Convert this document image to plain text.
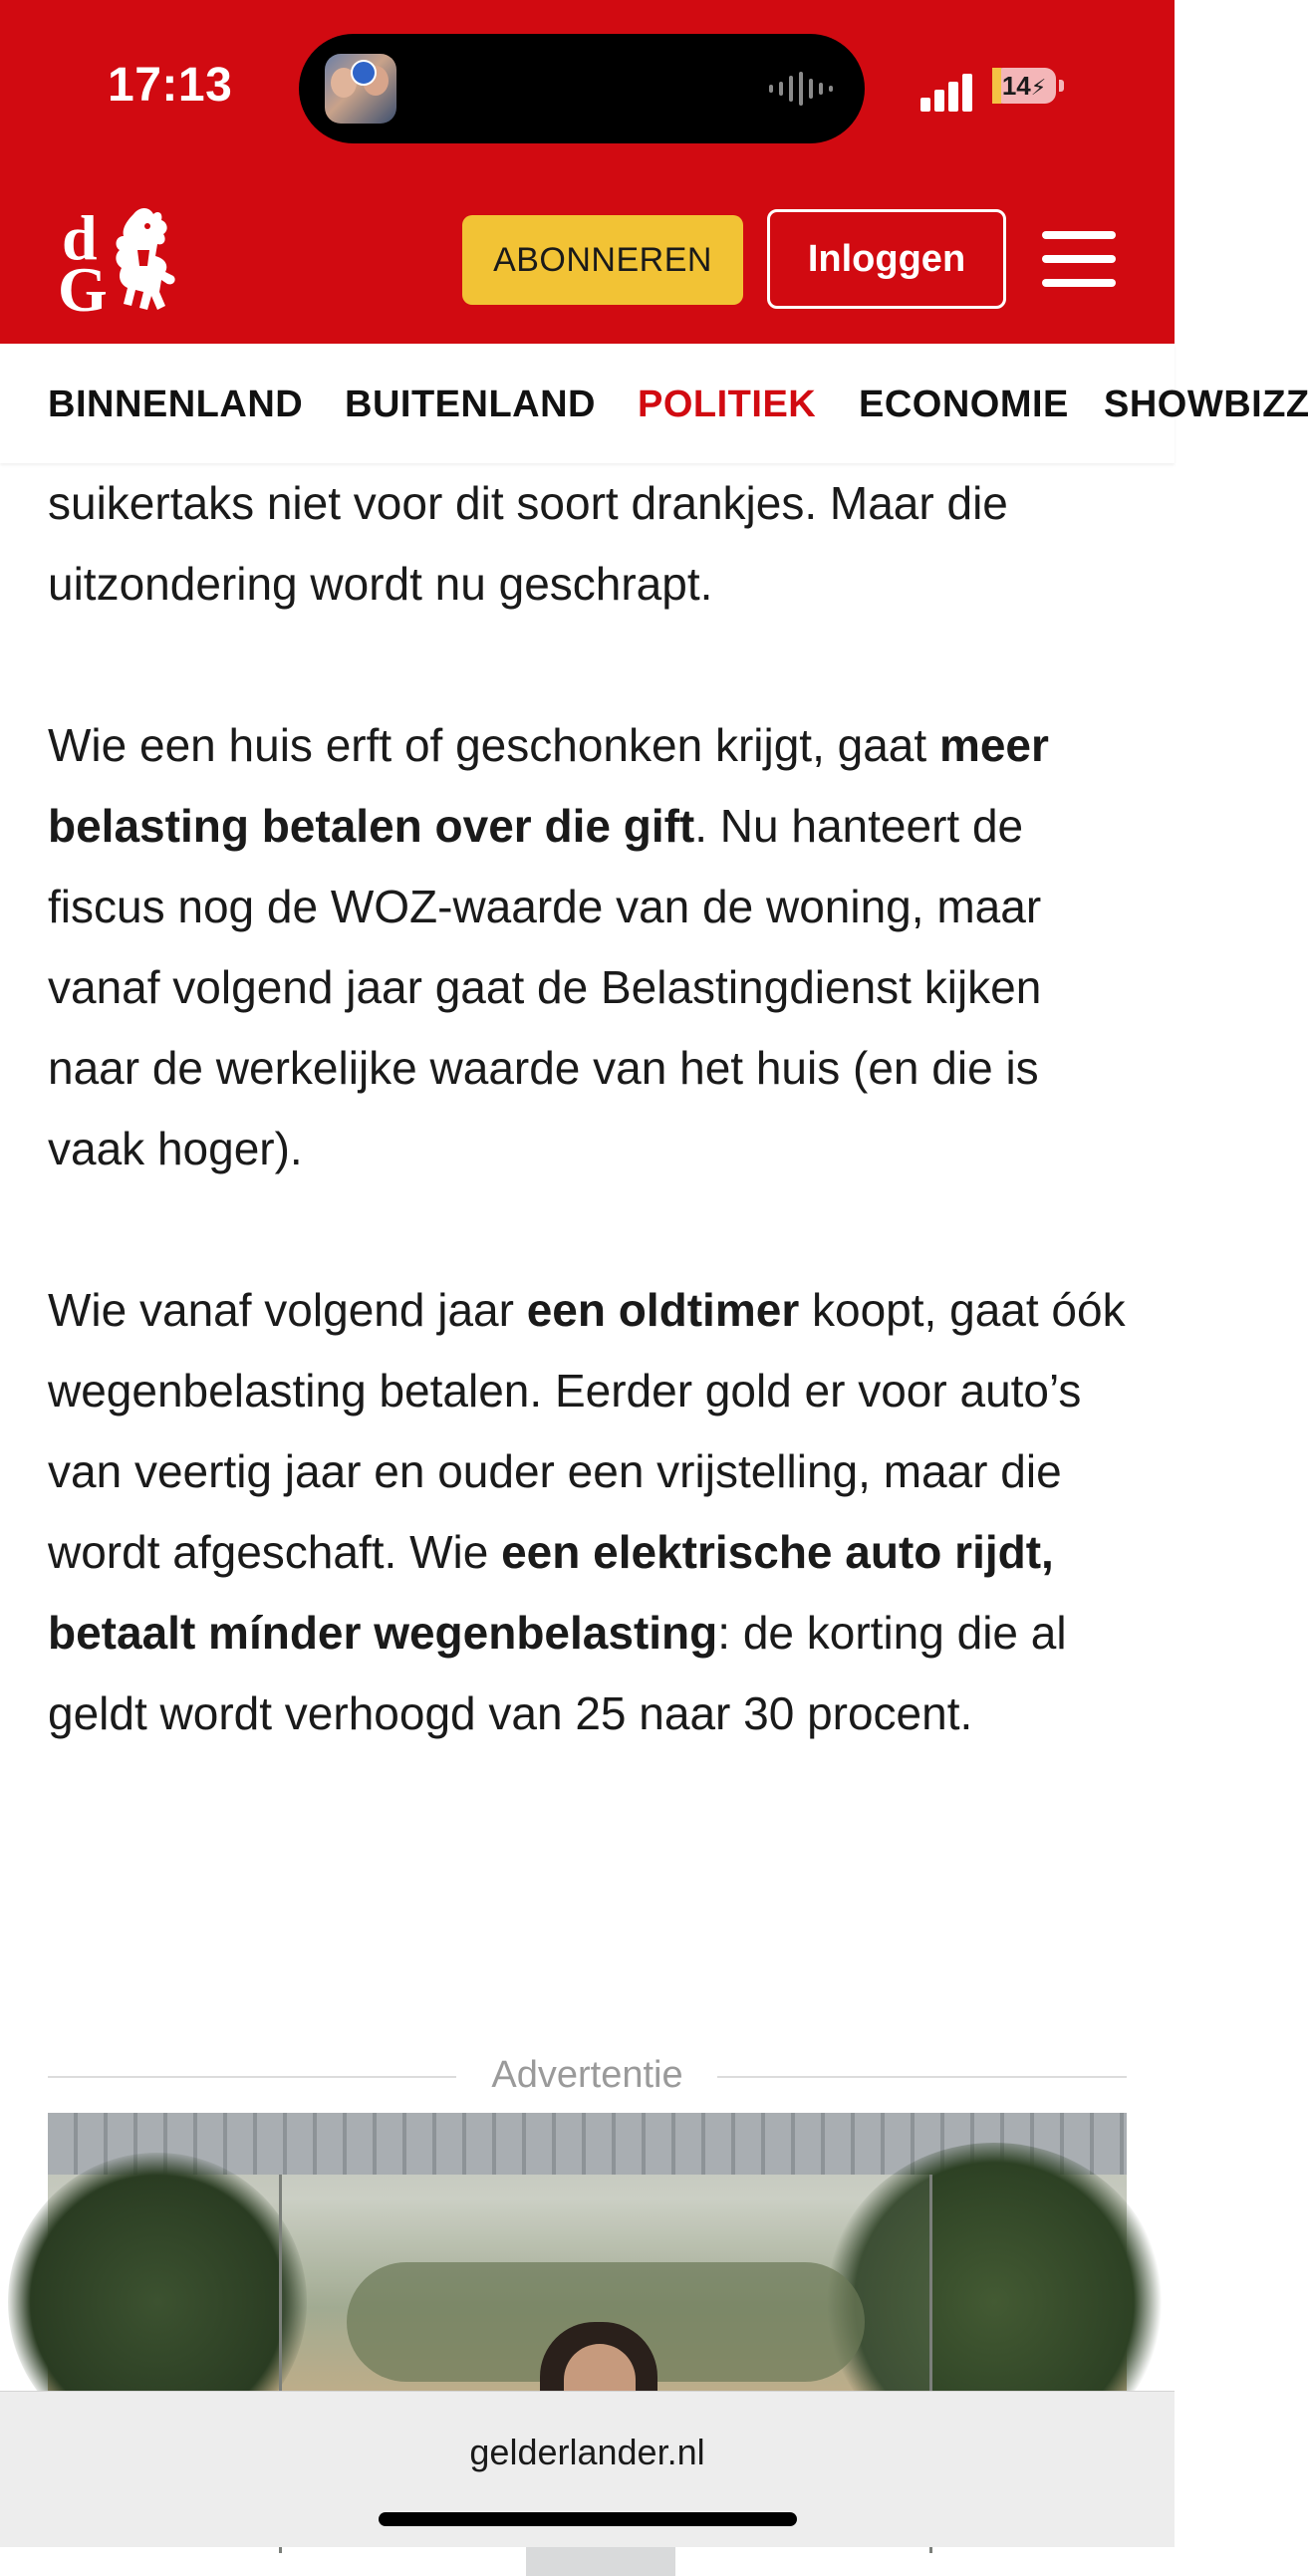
17:13	14⚡
d
G	ABONNEREN	Inloggen
BINNENLAND BUITENLAND POLITIEK ECONOMIE SHOWBIZZ

suikertaks niet voor dit soort drankjes. Maar die uitzondering wordt nu geschrapt.

Wie een huis erft of geschonken krijgt, gaat meer belasting betalen over die gift. Nu hanteert de fiscus nog de WOZ-waarde van de woning, maar vanaf volgend jaar gaat de Belastingdienst kijken naar de werkelijke waarde van het huis (en die is vaak hoger).

Wie vanaf volgend jaar een oldtimer koopt, gaat óók wegenbelasting betalen. Eerder gold er voor auto’s van veertig jaar en ouder een vrijstelling, maar die wordt afgeschaft. Wie een elektrische auto rijdt, betaalt mínder wegenbelasting: de korting die al geldt wordt verhoogd van 25 naar 30 procent.

Advertentie
gelderlander.nl
